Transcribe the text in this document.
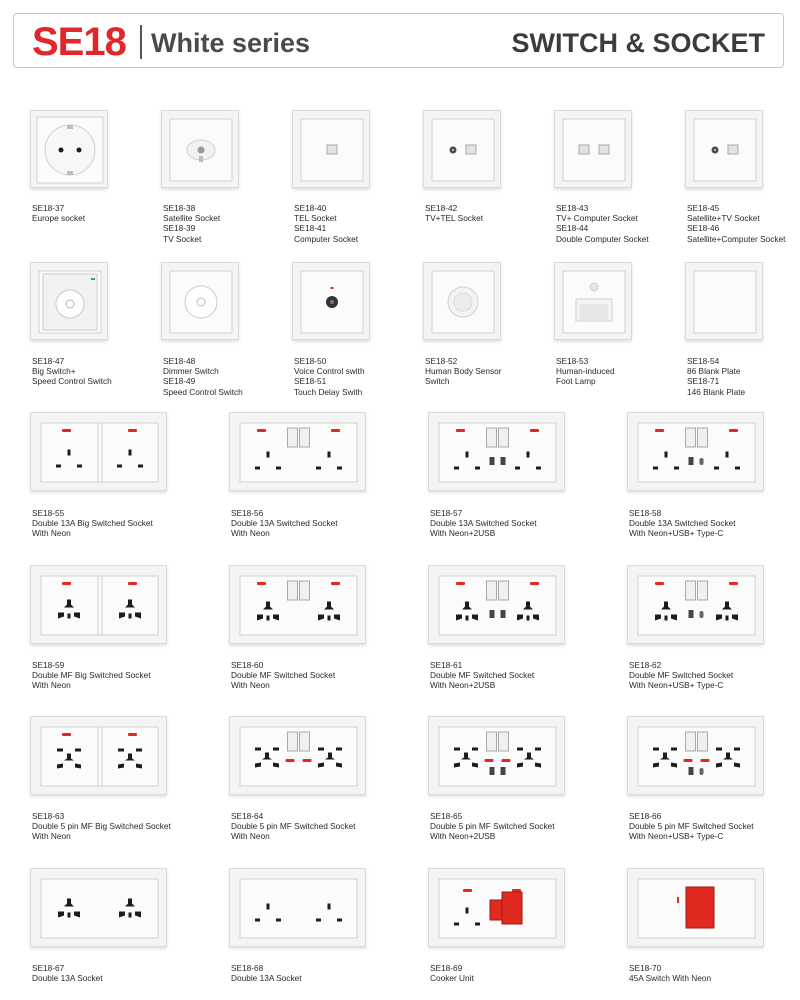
SE18 White series	SWITCH & SOCKET
SE18-37
Europe socket
SE18-38
Satellite Socket
SE18-39
TV Socket
SE18-40
TEL Socket
SE18-41
Computer Socket
SE18-42
TV+TEL Socket
SE18-43
TV+ Computer Socket
SE18-44
Double Computer Socket
SE18-45
Satellite+TV Socket
SE18-46
Satellite+Computer Socket
SE18-47
Big Switch+
Speed Control Switch
SE18-48
Dimmer Switch
SE18-49
Speed Control Switch
SE18-50
Voice Control swith
SE18-51
Touch Delay Swith
SE18-52
Human Body Sensor
Switch
SE18-53
Human-induced
Foot Lamp
SE18-54
86 Blank Plate
SE18-71
146 Blank Plate
SE18-55
Double 13A Big Switched Socket
With Neon
SE18-56
Double 13A Switched Socket
With Neon
SE18-57
Double 13A Switched Socket
With Neon+2USB
SE18-58
Double 13A Switched Socket
With Neon+USB+ Type-C
SE18-59
Double MF Big Switched Socket
With Neon
SE18-60
Double MF Switched Socket
With Neon
SE18-61
Double MF Switched Socket
With Neon+2USB
SE18-62
Double MF Switched Socket
With Neon+USB+ Type-C
SE18-63
Double 5 pin MF Big Switched Socket
With Neon
SE18-64
Double 5 pin MF Switched Socket
With Neon
SE18-65
Double 5 pin MF Switched Socket
With Neon+2USB
SE18-66
Double 5 pin MF Switched Socket
With Neon+USB+ Type-C
SE18-67
Double 13A Socket
SE18-68
Double 13A Socket
SE18-69
Cooker Unit
SE18-70
45A Switch With Neon
